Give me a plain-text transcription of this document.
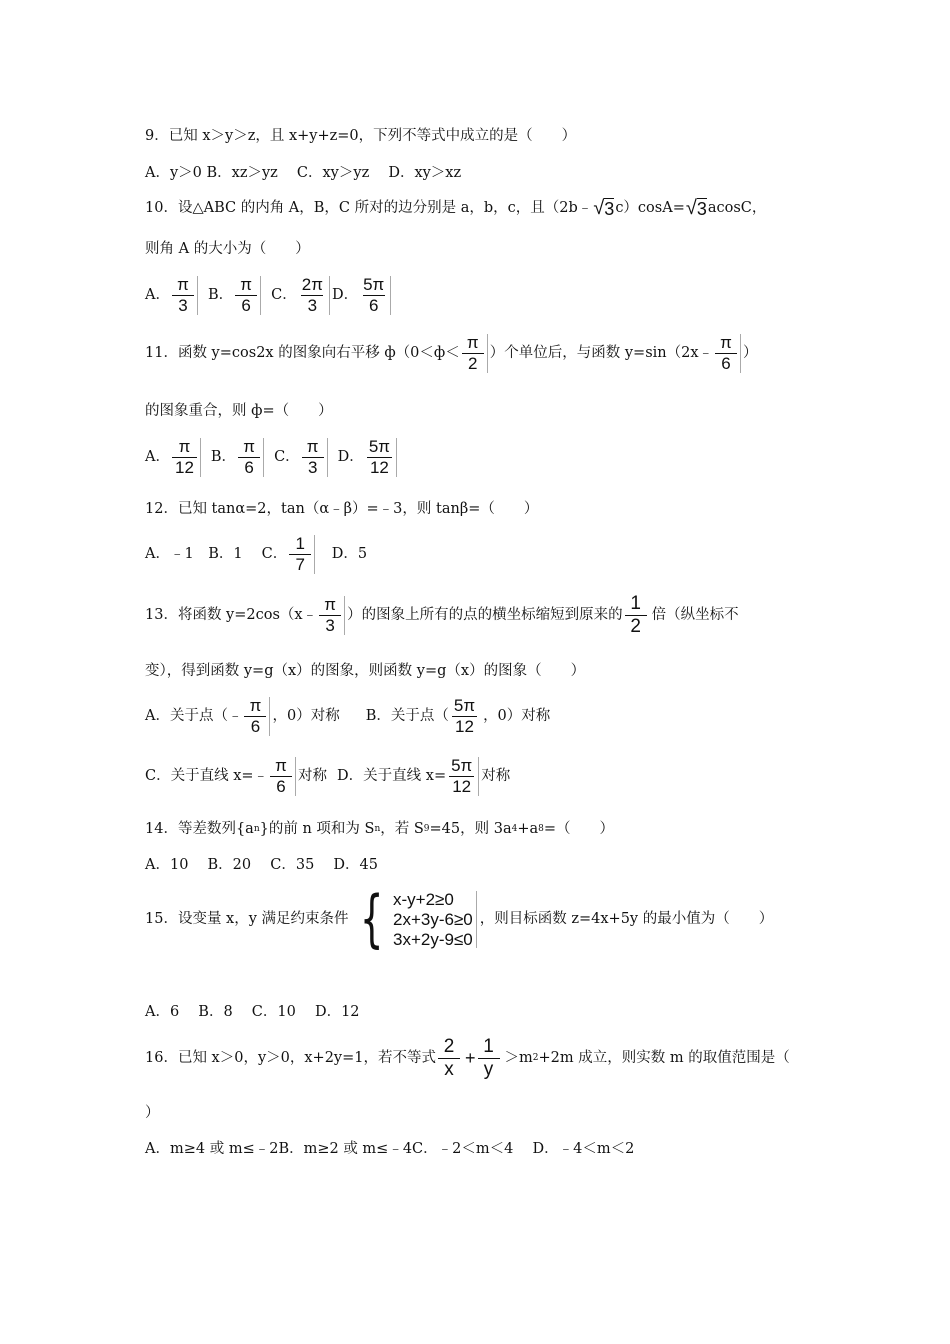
9．已知 x＞y＞z，且 x+y+z=0，下列不等式中成立的是（　　）
A．y＞0 B．xz＞yz　 C．xy＞yz　 D．xy＞xz
10．设△ABC 的内角 A，B，C 所对的边分别是 a，b，c，且（2b﹣ √ 3 c）cosA= √ 3 acosC，
则角 A 的大小为（　　）
A． $\frac{\pi}{3}$ B． $\frac{\pi}{6}$ C． $\frac{2\pi}{3}$ D． $\frac{5\pi}{6}$
11．函数 y=cos2x 的图象向右平移 $ф(0<ф< \frac{\pi}{2}$ ）个单位后，与函数 y=sin（2x﹣ $\frac{\pi}{6}$ ）
的图象重合，则 ф=（　　）
A． $\frac{\pi}{12}$ B． $\frac{\pi}{6}$ C． $\frac{\pi}{3}$ D． $\frac{5\pi}{12}$
12．已知 tanα=2，tan（α﹣β）=﹣3，则 tanβ=（　　）
A．﹣1　B．1　 C． $\frac{1}{7}$ 　D．5
13．将函数 y=2cos（x﹣ $\frac{\pi}{3}$ ）的图象上所有的点的横坐标缩短到原来的 $\frac{1}{2}$ 倍（纵坐标不
变），得到函数 y=g（x）的图象，则函数 y=g（x）的图象（　　）
A．关于点（﹣ $\frac{\pi}{6}$ ，0）对称 B．关于点（ $\frac{5\pi}{12}$ ，0）对称
C．关于直线 x=﹣ $\frac{\pi}{6}$ 对称 D．关于直线 $x= \frac{5\pi}{12}$ 对称
14．等差数列{a n }的前 n 项和为 S n ，若 S 9 =45，则 3a 4 +a 8 =（　　）
A．10　 B．20　 C．35　 D．45
15．设变量 x，y 满足约束条件 { x-y+2≥0
2x+3y-6≥0
3x+2y-9≤0
，则目标函数 z=4x+5y 的最小值为（　　）
A．6　 B．8　 C．10　 D．12
16．已知 x＞0，y＞0，x+2y=1，若不等式 $\frac{2}{x} + \frac{1}{y} >m$ 2 +2m 成立，则实数 m 的取值范围是（
）
A．m≥4 或 m≤﹣2B．m≥2 或 m≤﹣4C．﹣2＜m＜4　 D．﹣4＜m＜2
